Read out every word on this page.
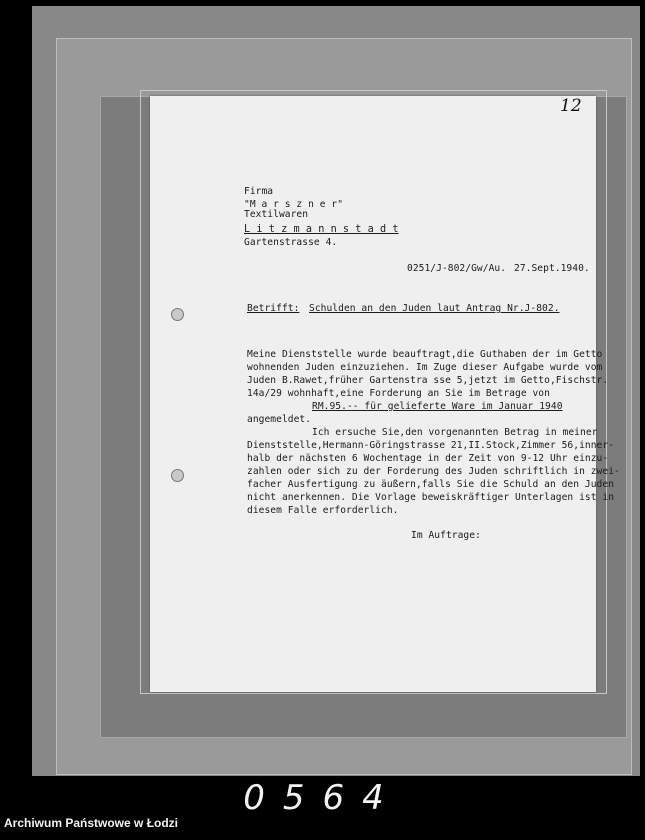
12
Firma
"M a r s z n e r"
Textilwaren
L i t z m a n n s t a d t
Gartenstrasse 4.
0251/J-802/Gw/Au. 27.Sept.1940.
Betrifft: Schulden an den Juden laut Antrag Nr.J-802.
Meine Dienststelle wurde beauftragt,die Guthaben der im Getto
wohnenden Juden einzuziehen. Im Zuge dieser Aufgabe wurde vom
Juden B.Rawet,früher Gartenstra sse 5,jetzt im Getto,Fischstr.
14a/29 wohnhaft,eine Forderung an Sie im Betrage von
RM.95.-- für gelieferte Ware im Januar 1940
angemeldet.
Ich ersuche Sie,den vorgenannten Betrag in meiner
Dienststelle,Hermann-Göringstrasse 21,II.Stock,Zimmer 56,inner-
halb der nächsten 6 Wochentage in der Zeit von 9-12 Uhr einzu-
zahlen oder sich zu der Forderung des Juden schriftlich in zwei-
facher Ausfertigung zu äußern,falls Sie die Schuld an den Juden
nicht anerkennen. Die Vorlage beweiskräftiger Unterlagen ist in
diesem Falle erforderlich.
Im Auftrage:
0564
Archiwum Państwowe w Łodzi
